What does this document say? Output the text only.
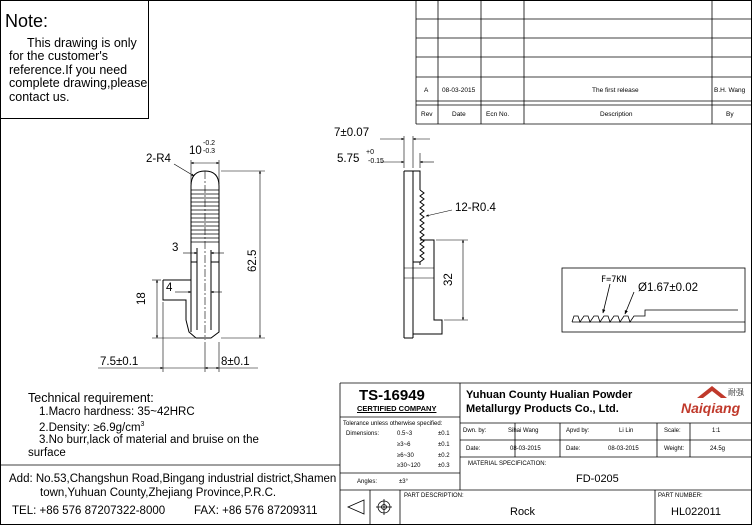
Note:
This drawing is only
for the customer's
reference.If you need
complete drawing,please
contact us.	A 08-03-2015	The first release	B.H. Wang
Rev	Date	Ecn No.	Description	By
2-R4
10
-0.2
-0.3
3
4
18
62.5
7.5±0.1	8±0.1
7±0.07
5.75
+0
-0.15
12-R0.4
32	F=7KN
Ø1.67±0.02
Technical requirement:
1.Macro hardness: 35~42HRC
2.Density: $\ge 6.9g/cm^3$
3.No burr,lack of material and bruise on the
surface
Add: No.53,Changshun Road,Bingang industrial district,Shamen
town,Yuhuan County,Zhejiang Province,P.R.C.
TEL: +86 576 87207322-8000	FAX: +86 576 87209311
TS-16949
CERTIFIED COMPANY
Yuhuan County Hualian Powder
Metallurgy Products Co., Ltd.
耐强
Naiqiang
Tolerance unless otherwise specified:
Dimensions:	0.5~3	±0.1
≥3~6	±0.1
≥6~30	±0.2
≥30~120	±0.3
Angles:	±3°
Dwn. by:	Sihai Wang	Apvd by:	Li Lin	Scale:	1:1
Date:	08-03-2015	Date:	08-03-2015	Weight:	24.5g
MATERIAL SPECIFICATION:
FD-0205
PART DESCRIPTION:
Rock
PART NUMBER:
HL022011
